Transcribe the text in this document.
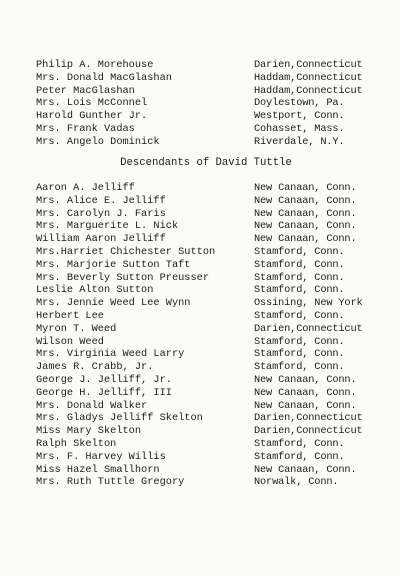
Philip A. Morehouse	Darien,Connecticut
Mrs. Donald MacGlashan	Haddam,Connecticut
Peter MacGlashan	Haddam,Connecticut
Mrs. Lois McConnel	Doylestown, Pa.
Harold Gunther Jr.	Westport, Conn.
Mrs. Frank Vadas	Cohasset, Mass.
Mrs. Angelo Dominick	Riverdale, N.Y.
Descendants of David Tuttle
Aaron A. Jelliff	New Canaan, Conn.
Mrs. Alice E. Jelliff	New Canaan, Conn.
Mrs. Carolyn J. Faris	New Canaan, Conn.
Mrs. Marguerite L. Nick	New Canaan, Conn.
William Aaron Jelliff	New Canaan, Conn.
Mrs.Harriet Chichester Sutton	Stamford, Conn.
Mrs. Marjorie Sutton Taft	Stamford, Conn.
Mrs. Beverly Sutton Preusser	Stamford, Conn.
Leslie Alton Sutton	Stamford, Conn.
Mrs. Jennie Weed Lee Wynn	Ossining, New York
Herbert Lee	Stamford, Conn.
Myron T. Weed	Darien,Connecticut
Wilson Weed	Stamford, Conn.
Mrs. Virginia Weed Larry	Stamford, Conn.
James R. Crabb, Jr.	Stamford, Conn.
George J. Jelliff, Jr.	New Canaan, Conn.
George H. Jelliff, III	New Canaan, Conn.
Mrs. Donald Walker	New Canaan, Conn.
Mrs. Gladys Jelliff Skelton	Darien,Connecticut
Miss Mary Skelton	Darien,Connecticut
Ralph Skelton	Stamford, Conn.
Mrs. F. Harvey Willis	Stamford, Conn.
Miss Hazel Smallhorn	New Canaan, Conn.
Mrs. Ruth Tuttle Gregory	Norwalk, Conn.
